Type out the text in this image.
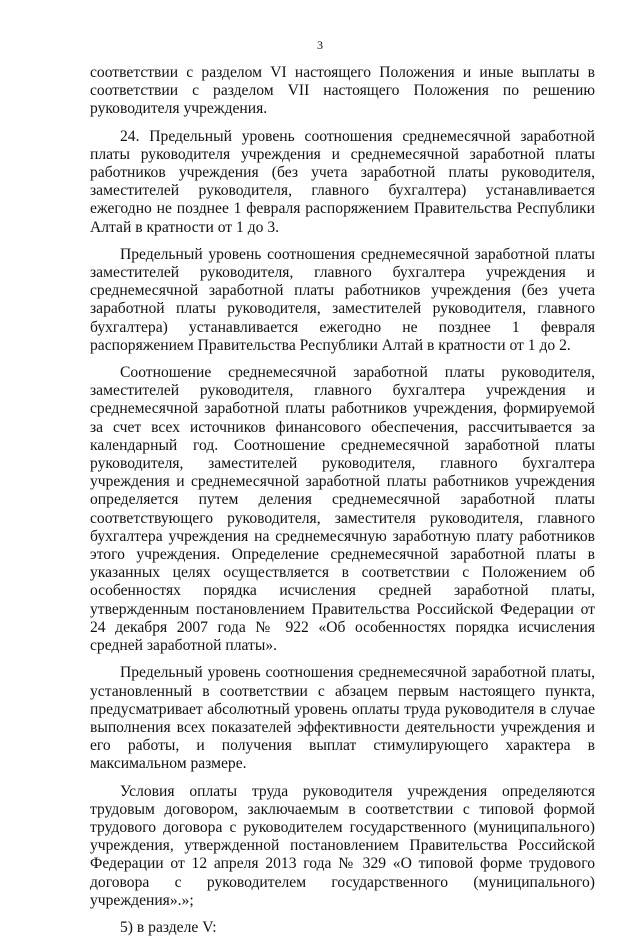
3

соответствии с разделом VI настоящего Положения и иные выплаты в соответствии с разделом VII настоящего Положения по решению руководителя учреждения.

24. Предельный уровень соотношения среднемесячной заработной платы руководителя учреждения и среднемесячной заработной платы работников учреждения (без учета заработной платы руководителя, заместителей руководителя, главного бухгалтера) устанавливается ежегодно не позднее 1 февраля распоряжением Правительства Республики Алтай в кратности от 1 до 3.

Предельный уровень соотношения среднемесячной заработной платы заместителей руководителя, главного бухгалтера учреждения и среднемесячной заработной платы работников учреждения (без учета заработной платы руководителя, заместителей руководителя, главного бухгалтера) устанавливается ежегодно не позднее 1 февраля распоряжением Правительства Республики Алтай в кратности от 1 до 2.

Соотношение среднемесячной заработной платы руководителя, заместителей руководителя, главного бухгалтера учреждения и среднемесячной заработной платы работников учреждения, формируемой за счет всех источников финансового обеспечения, рассчитывается за календарный год. Соотношение среднемесячной заработной платы руководителя, заместителей руководителя, главного бухгалтера учреждения и среднемесячной заработной платы работников учреждения определяется путем деления среднемесячной заработной платы соответствующего руководителя, заместителя руководителя, главного бухгалтера учреждения на среднемесячную заработную плату работников этого учреждения. Определение среднемесячной заработной платы в указанных целях осуществляется в соответствии с Положением об особенностях порядка исчисления средней заработной платы, утвержденным постановлением Правительства Российской Федерации от 24 декабря 2007 года № 922 «Об особенностях порядка исчисления средней заработной платы».

Предельный уровень соотношения среднемесячной заработной платы, установленный в соответствии с абзацем первым настоящего пункта, предусматривает абсолютный уровень оплаты труда руководителя в случае выполнения всех показателей эффективности деятельности учреждения и его работы, и получения выплат стимулирующего характера в максимальном размере.

Условия оплаты труда руководителя учреждения определяются трудовым договором, заключаемым в соответствии с типовой формой трудового договора с руководителем государственного (муниципального) учреждения, утвержденной постановлением Правительства Российской Федерации от 12 апреля 2013 года № 329 «О типовой форме трудового договора с руководителем государственного (муниципального) учреждения».»;

5) в разделе V:
